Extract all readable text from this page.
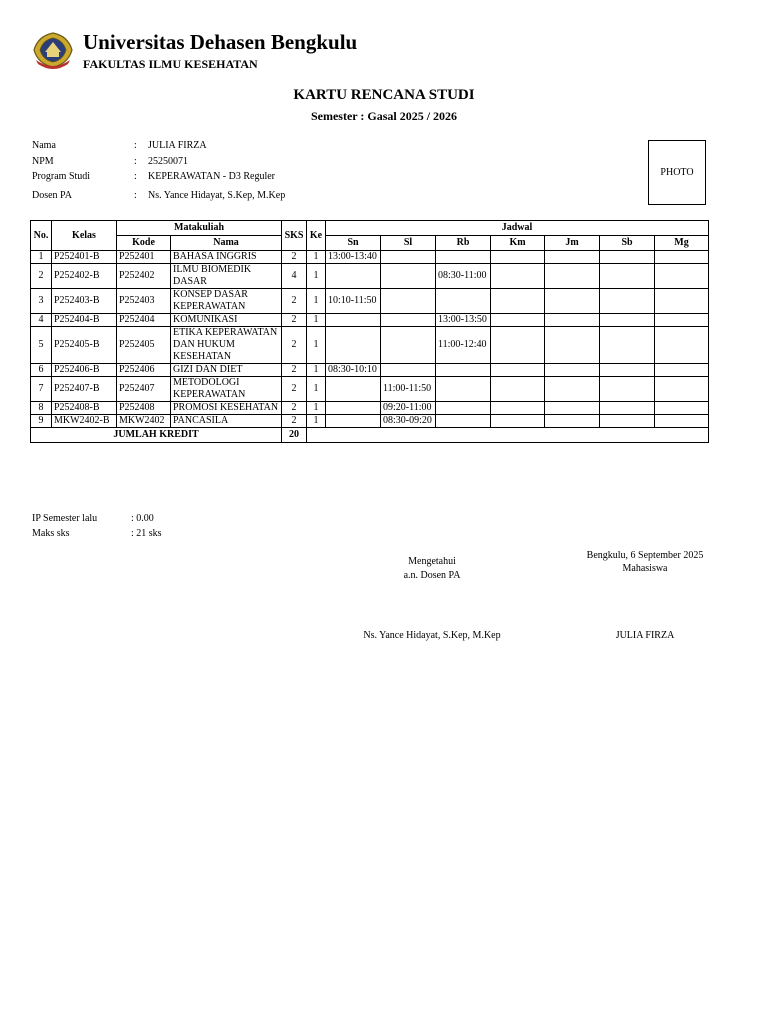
Universitas Dehasen Bengkulu
FAKULTAS ILMU KESEHATAN
KARTU RENCANA STUDI
Semester : Gasal 2025 / 2026
Nama	: JULIA FIRZA
NPM	: 25250071
Program Studi	: KEPERAWATAN - D3 Reguler
Dosen PA	: Ns. Yance Hidayat, S.Kep, M.Kep
PHOTO
No.	Kelas	Matakuliah		SKS	Ke	Jadwal						
		Kode	Nama			Sn	Sl	Rb	Km	Jm	Sb	Mg
1	P252401-B	P252401	BAHASA INGGRIS	2	1	13:00-13:40						
2	P252402-B	P252402	ILMU BIOMEDIK DASAR	4	1			08:30-11:00				
3	P252403-B	P252403	KONSEP DASAR KEPERAWATAN	2	1	10:10-11:50						
4	P252404-B	P252404	KOMUNIKASI	2	1			13:00-13:50				
5	P252405-B	P252405	ETIKA KEPERAWATAN DAN HUKUM KESEHATAN	2	1			11:00-12:40				
6	P252406-B	P252406	GIZI DAN DIET	2	1	08:30-10:10						
7	P252407-B	P252407	METODOLOGI KEPERAWATAN	2	1		11:00-11:50					
8	P252408-B	P252408	PROMOSI KESEHATAN	2	1		09:20-11:00					
9	MKW2402-B	MKW2402	PANCASILA	2	1		08:30-09:20					
JUMLAH KREDIT				20								
IP Semester lalu	: 0.00
Maks sks	: 21 sks
Mengetahui
a.n. Dosen PA
Ns. Yance Hidayat, S.Kep, M.Kep
Bengkulu, 6 September 2025
Mahasiswa
JULIA FIRZA
